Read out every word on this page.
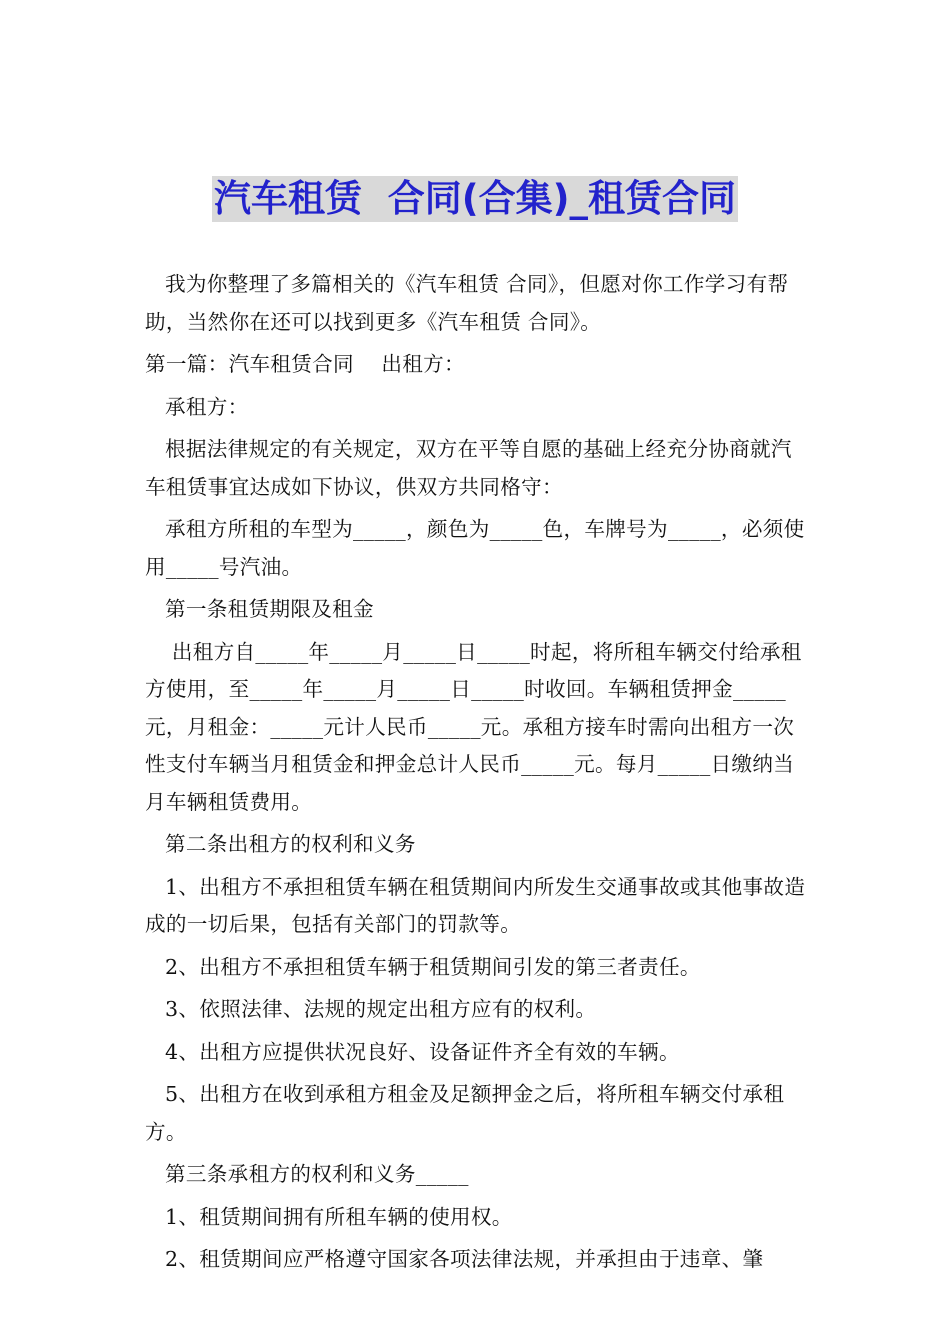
汽车租赁  合同(合集)_租赁合同

我为你整理了多篇相关的《汽车租赁 合同》，但愿对你工作学习有帮助，当然你在还可以找到更多《汽车租赁 合同》。

第一篇：汽车租赁合同    出租方：

承租方：

根据法律规定的有关规定，双方在平等自愿的基础上经充分协商就汽车租赁事宜达成如下协议，供双方共同格守：

承租方所租的车型为_____，颜色为_____色，车牌号为_____，必须使用_____号汽油。

第一条租赁期限及租金

出租方自_____年_____月_____日_____时起，将所租车辆交付给承租方使用，至_____年_____月_____日_____时收回。车辆租赁押金_____元，月租金：_____元计人民币_____元。承租方接车时需向出租方一次性支付车辆当月租赁金和押金总计人民币_____元。每月_____日缴纳当月车辆租赁费用。

第二条出租方的权利和义务

1、出租方不承担租赁车辆在租赁期间内所发生交通事故或其他事故造成的一切后果，包括有关部门的罚款等。

2、出租方不承担租赁车辆于租赁期间引发的第三者责任。

3、依照法律、法规的规定出租方应有的权利。

4、出租方应提供状况良好、设备证件齐全有效的车辆。

5、出租方在收到承租方租金及足额押金之后，将所租车辆交付承租方。

第三条承租方的权利和义务_____

1、租赁期间拥有所租车辆的使用权。

2、租赁期间应严格遵守国家各项法律法规，并承担由于违章、肇
